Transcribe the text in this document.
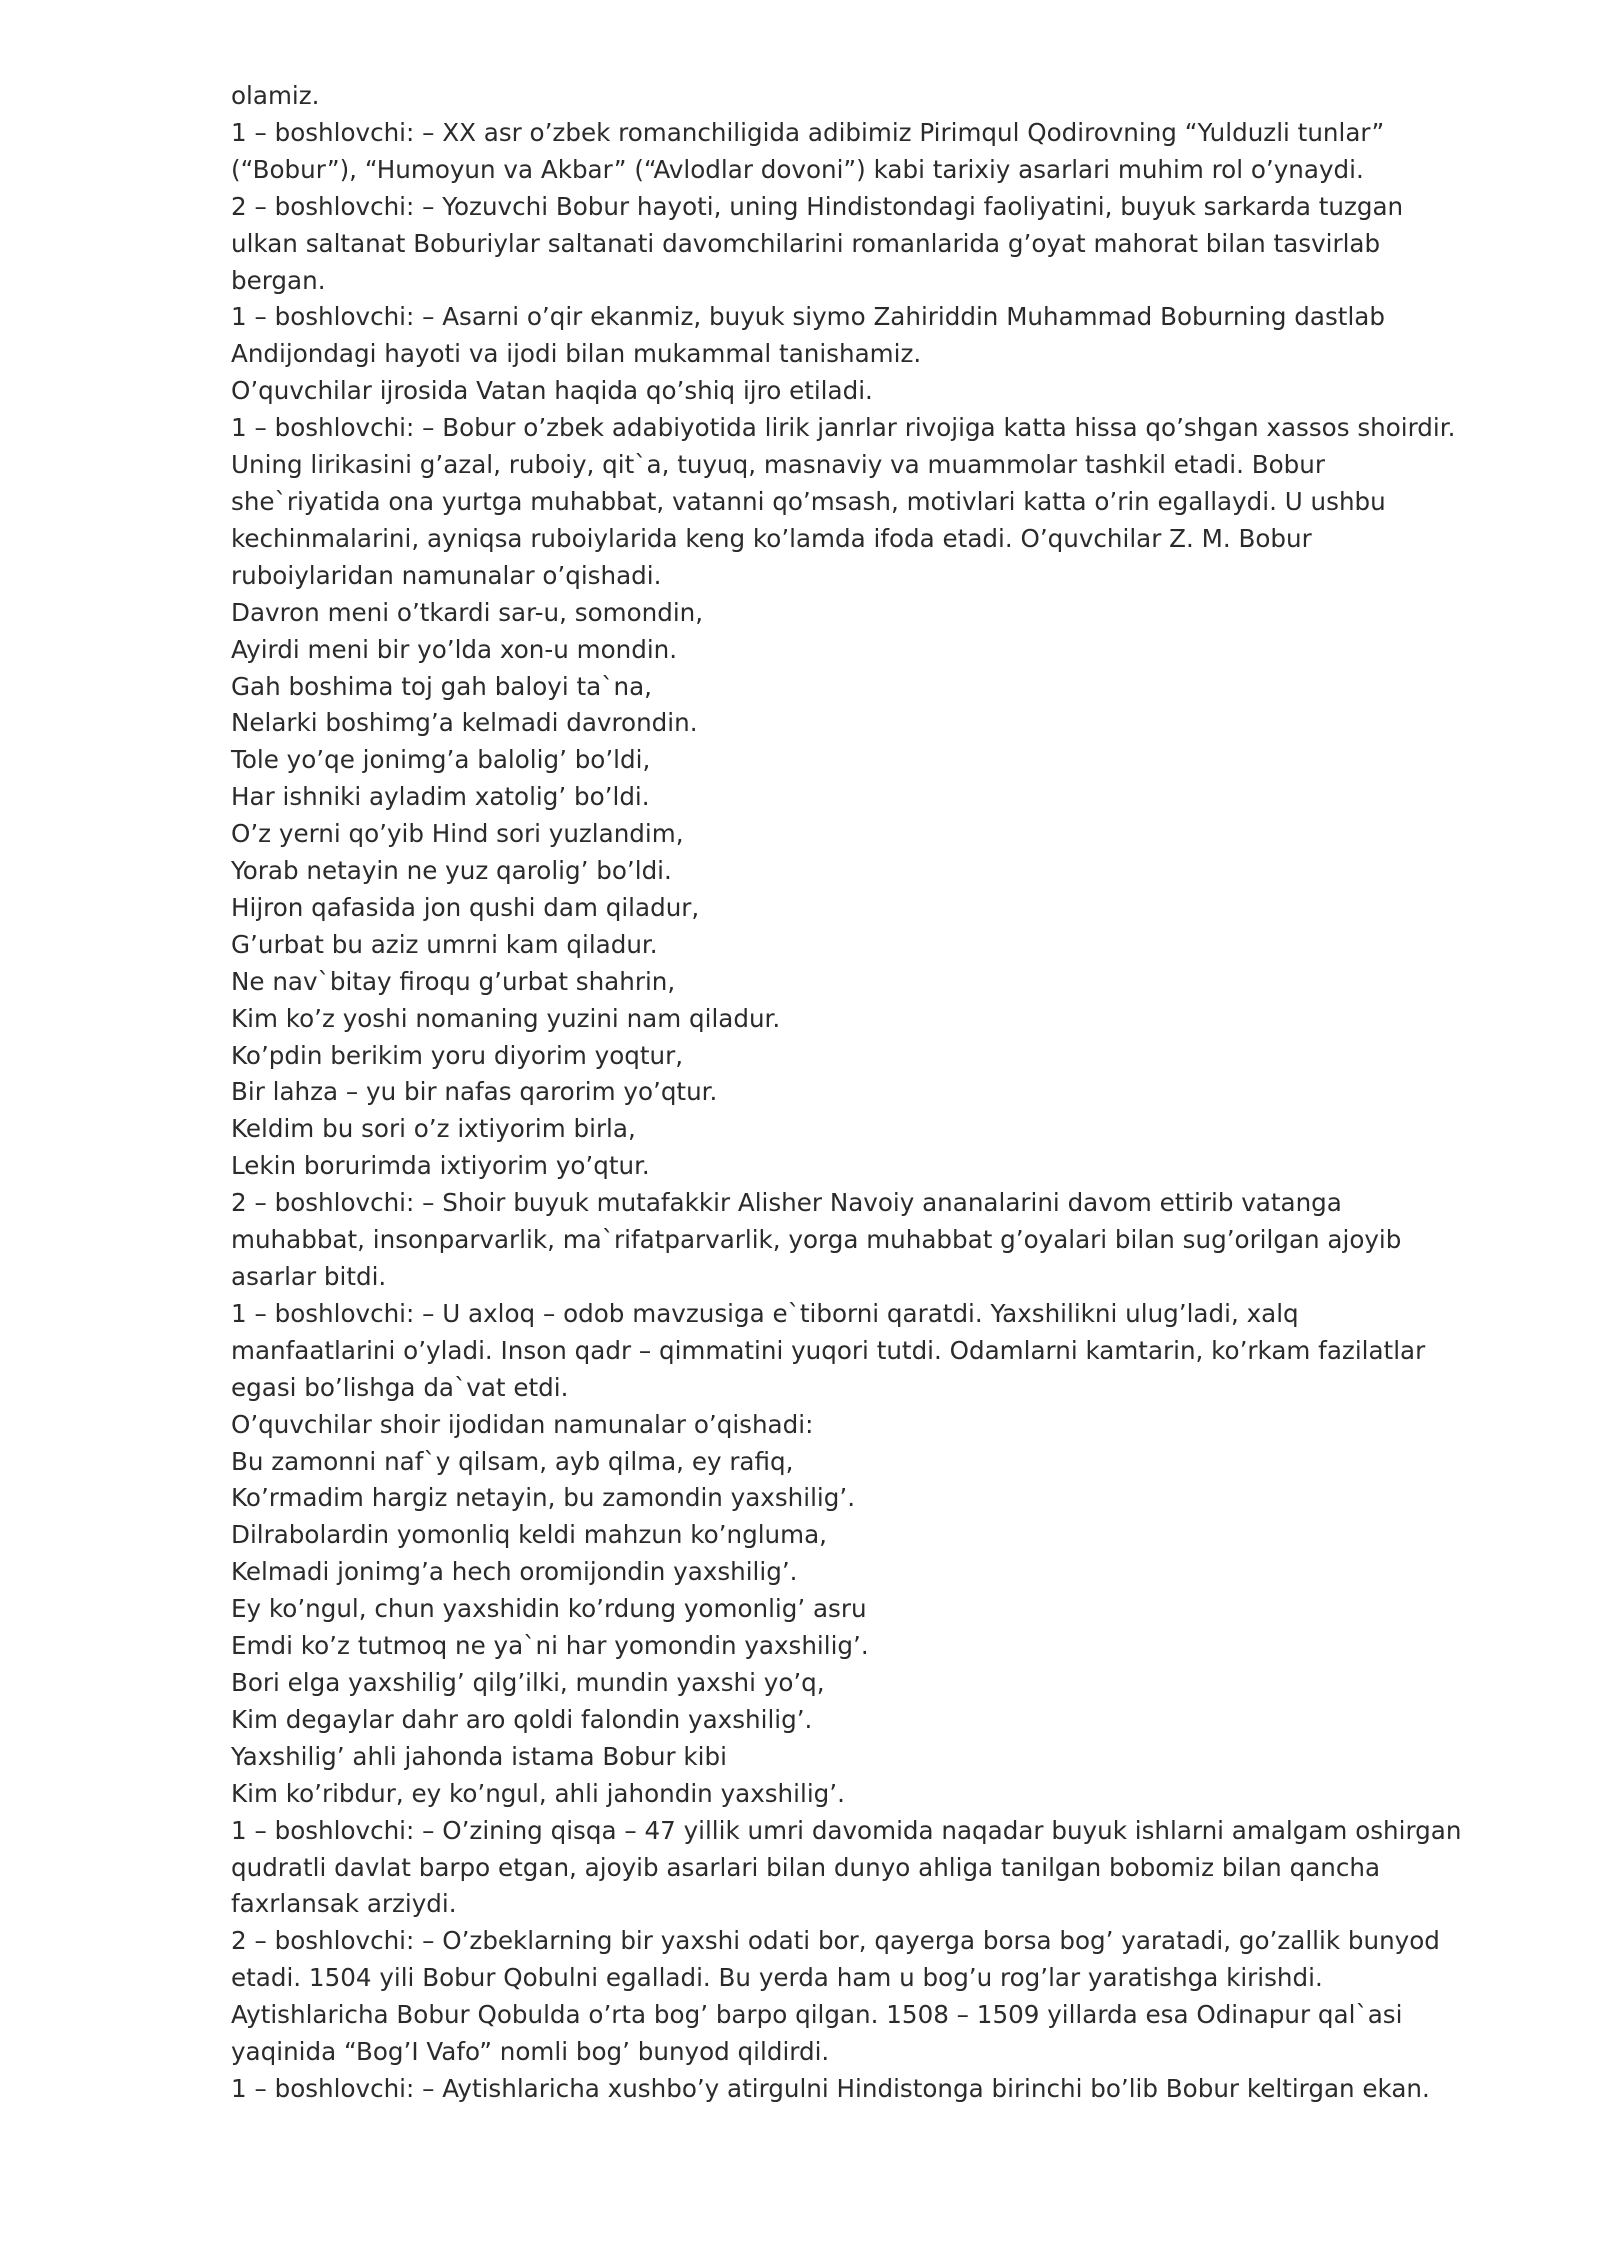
olamiz.
1 – boshlovchi: – XX asr o’zbek romanchiligida adibimiz Pirimqul Qodirovning “Yulduzli tunlar”
(“Bobur”), “Humoyun va Akbar” (“Avlodlar dovoni”) kabi tarixiy asarlari muhim rol o’ynaydi.
2 – boshlovchi: – Yozuvchi Bobur hayoti, uning Hindistondagi faoliyatini, buyuk sarkarda tuzgan
ulkan saltanat Boburiylar saltanati davomchilarini romanlarida g’oyat mahorat bilan tasvirlab
bergan.
1 – boshlovchi: – Asarni o’qir ekanmiz, buyuk siymo Zahiriddin Muhammad Boburning dastlab
Andijondagi hayoti va ijodi bilan mukammal tanishamiz.
O’quvchilar ijrosida Vatan haqida qo’shiq ijro etiladi.
1 – boshlovchi: – Bobur o’zbek adabiyotida lirik janrlar rivojiga katta hissa qo’shgan xassos shoirdir.
Uning lirikasini g’azal, ruboiy, qit`a, tuyuq, masnaviy va muammolar tashkil etadi. Bobur
she`riyatida ona yurtga muhabbat, vatanni qo’msash, motivlari katta o’rin egallaydi. U ushbu
kechinmalarini, ayniqsa ruboiylarida keng ko’lamda ifoda etadi. O’quvchilar Z. M. Bobur
ruboiylaridan namunalar o’qishadi.
Davron meni o’tkardi sar-u, somondin,
Ayirdi meni bir yo’lda xon-u mondin.
Gah boshima toj gah baloyi ta`na,
Nelarki boshimg’a kelmadi davrondin.
Tole yo’qe jonimg’a balolig’ bo’ldi,
Har ishniki ayladim xatolig’ bo’ldi.
O’z yerni qo’yib Hind sori yuzlandim,
Yorab netayin ne yuz qarolig’ bo’ldi.
Hijron qafasida jon qushi dam qiladur,
G’urbat bu aziz umrni kam qiladur.
Ne nav`bitay firoqu g’urbat shahrin,
Kim ko’z yoshi nomaning yuzini nam qiladur.
Ko’pdin berikim yoru diyorim yoqtur,
Bir lahza – yu bir nafas qarorim yo’qtur.
Keldim bu sori o’z ixtiyorim birla,
Lekin borurimda ixtiyorim yo’qtur.
2 – boshlovchi: – Shoir buyuk mutafakkir Alisher Navoiy ananalarini davom ettirib vatanga
muhabbat, insonparvarlik, ma`rifatparvarlik, yorga muhabbat g’oyalari bilan sug’orilgan ajoyib
asarlar bitdi.
1 – boshlovchi: – U axloq – odob mavzusiga e`tiborni qaratdi. Yaxshilikni ulug’ladi, xalq
manfaatlarini o’yladi. Inson qadr – qimmatini yuqori tutdi. Odamlarni kamtarin, ko’rkam fazilatlar
egasi bo’lishga da`vat etdi.
O’quvchilar shoir ijodidan namunalar o’qishadi:
Bu zamonni naf`y qilsam, ayb qilma, ey rafiq,
Ko’rmadim hargiz netayin, bu zamondin yaxshilig’.
Dilrabolardin yomonliq keldi mahzun ko’ngluma,
Kelmadi jonimg’a hech oromijondin yaxshilig’.
Ey ko’ngul, chun yaxshidin ko’rdung yomonlig’ asru
Emdi ko’z tutmoq ne ya`ni har yomondin yaxshilig’.
Bori elga yaxshilig’ qilg’ilki, mundin yaxshi yo’q,
Kim degaylar dahr aro qoldi falondin yaxshilig’.
Yaxshilig’ ahli jahonda istama Bobur kibi
Kim ko’ribdur, ey ko’ngul, ahli jahondin yaxshilig’.
1 – boshlovchi: – O’zining qisqa – 47 yillik umri davomida naqadar buyuk ishlarni amalgam oshirgan
qudratli davlat barpo etgan, ajoyib asarlari bilan dunyo ahliga tanilgan bobomiz bilan qancha
faxrlansak arziydi.
2 – boshlovchi: – O’zbeklarning bir yaxshi odati bor, qayerga borsa bog’ yaratadi, go’zallik bunyod
etadi. 1504 yili Bobur Qobulni egalladi. Bu yerda ham u bog’u rog’lar yaratishga kirishdi.
Aytishlaricha Bobur Qobulda o’rta bog’ barpo qilgan. 1508 – 1509 yillarda esa Odinapur qal`asi
yaqinida “Bog’I Vafo” nomli bog’ bunyod qildirdi.
1 – boshlovchi: – Aytishlaricha xushbo’y atirgulni Hindistonga birinchi bo’lib Bobur keltirgan ekan.
